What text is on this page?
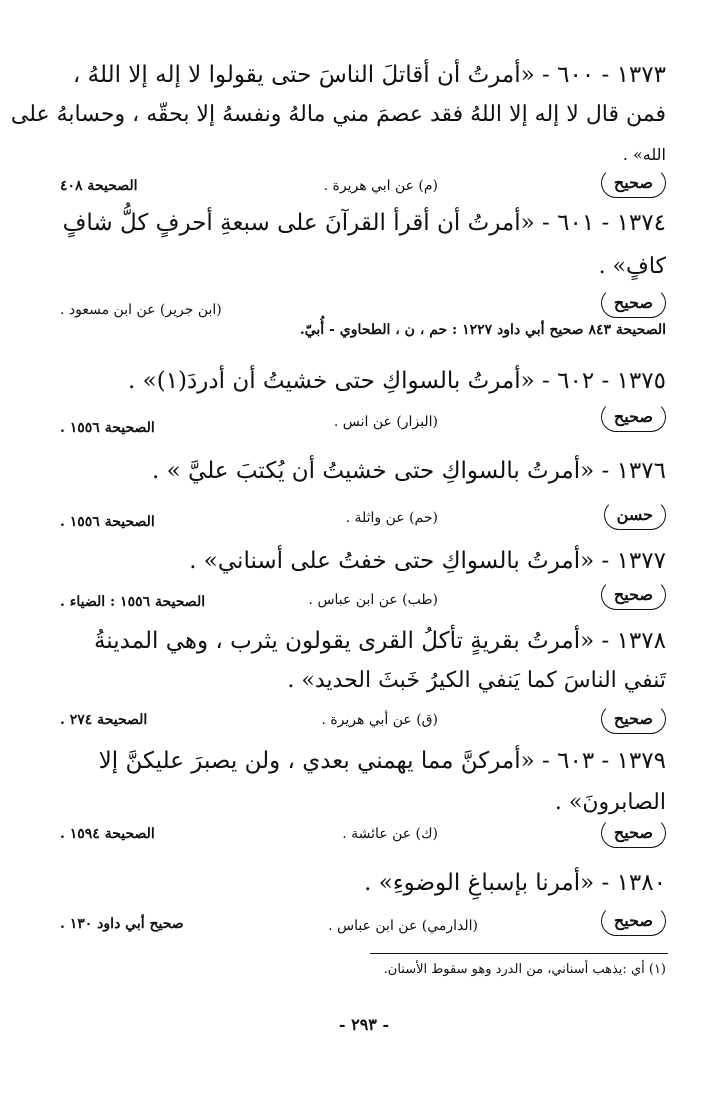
١٣٧٣ - ٦٠٠ - «أمرتُ أن أقاتلَ الناسَ حتى يقولوا لا إله إلا اللهُ ،
فمن قال لا إله إلا اللهُ فقد عصمَ مني مالهُ ونفسهُ إلا بحقّه ، وحسابهُ على
الله» .
صحيح
(م) عن ابي هريرة .
الصحيحة ٤٠٨
١٣٧٤ - ٦٠١ - «أمرتُ أن أقرأ القرآنَ على سبعةِ أحرفٍ كلُّ شافٍ
كافٍ» .
صحيح
(ابن جرير) عن ابن مسعود .
الصحيحة ٨٤٣ صحيح أبي داود ١٢٢٧ : حم ، ن ، الطحاوي - أُبيّ.
١٣٧٥ - ٦٠٢ - «أمرتُ بالسواكِ حتى خشيتُ أن أدردَ(١)» .
صحيح
(البزار) عن انس .
الصحيحة ١٥٥٦ .
١٣٧٦ - «أمرتُ بالسواكِ حتى خشيتُ أن يُكتبَ عليَّ » .
حسن
(حم) عن واثلة .
الصحيحة ١٥٥٦ .
١٣٧٧ - «أمرتُ بالسواكِ حتى خفتُ على أسناني» .
صحيح
(طب) عن ابن عباس .
الصحيحة ١٥٥٦ : الضياء .
١٣٧٨ - «أمرتُ بقريةٍ تأكلُ القرى يقولون يثرب ، وهي المدينةُ
تَنفي الناسَ كما يَنفي الكيرُ خَبثَ الحديد» .
صحيح
(ق) عن أبي هريرة .
الصحيحة ٢٧٤ .
١٣٧٩ - ٦٠٣ - «أمركنَّ مما يهمني بعدي ، ولن يصبرَ عليكنَّ إلا
الصابرونَ» .
صحيح
(ك) عن عائشة .
الصحيحة ١٥٩٤ .
١٣٨٠ - «أمرنا بإسباغِ الوضوءِ» .
صحيح
(الدارمي) عن ابن عباس .
صحيح أبي داود ١٣٠ .
(١) أي :يذهب أسناني، من الدرد وهو سقوط الأسنان.
- ٢٩٣ -
